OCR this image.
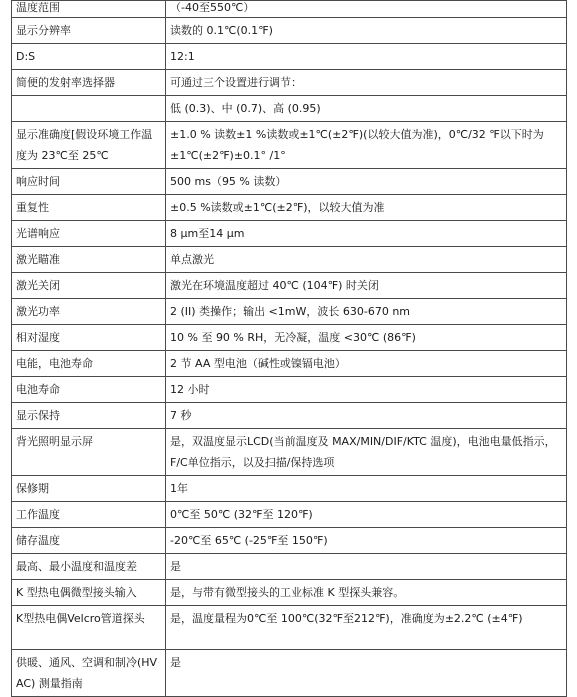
温度范围	（-40至550℃）
显示分辨率	读数的 0.1℃(0.1℉)
D:S	12:1
简便的发射率选择器	可通过三个设置进行调节：
	低 (0.3)、中 (0.7)、高 (0.95)
显示准确度[假设环境工作温度为 23℃至 25℃	±1.0 % 读数±1 %读数或±1℃(±2℉)(以较大值为准)，0℃/32 ℉以下时为±1℃(±2℉)±0.1° /1°
响应时间	500 ms（95 % 读数）
重复性	±0.5 %读数或±1℃(±2℉)，以较大值为准
光谱响应	8 μm至14 μm
激光瞄准	单点激光
激光关闭	激光在环境温度超过 40℃ (104℉) 时关闭
激光功率	2 (II) 类操作；输出 <1mW，波长 630-670 nm
相对湿度	10 % 至 90 % RH，无冷凝，温度 <30℃ (86℉)
电能，电池寿命	2 节 AA 型电池（碱性或镍镉电池）
电池寿命	12 小时
显示保持	7 秒
背光照明显示屏	是，双温度显示LCD(当前温度及 MAX/MIN/DIF/KTC 温度)，电池电量低指示，F/C单位指示，以及扫描/保持选项
保修期	1年
工作温度	0℃至 50℃ (32℉至 120℉)
储存温度	-20℃至 65℃ (-25℉至 150℉)
最高、最小温度和温度差	是
K 型热电偶微型接头输入	是，与带有微型接头的工业标准 K 型探头兼容。
K型热电偶Velcro管道探头	是，温度量程为0℃至 100℃(32℉至212℉)，准确度为±2.2℃ (±4℉)
供暖、通风、空调和制冷(HVAC) 测量指南	是
